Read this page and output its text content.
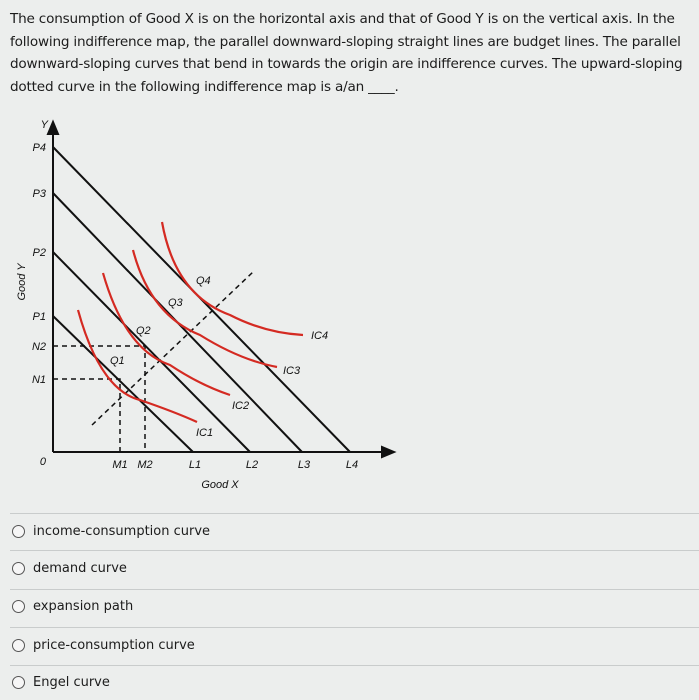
The consumption of Good X is on the horizontal axis and that of Good Y is on the vertical axis. In the following indifference map, the parallel downward-sloping straight lines are budget lines. The parallel downward-sloping curves that bend in towards the origin are indifference curves. The upward-sloping dotted curve in the following indifference map is a/an ____.
Y
P4
P3
P2
P1
N2
N1
0	M1 M2	L1	L2	L3	L4
Good X
Good Y
Q1
Q2
Q3
Q4
IC1
IC2
IC3
IC4
income-consumption curve
demand curve
expansion path
price-consumption curve
Engel curve
